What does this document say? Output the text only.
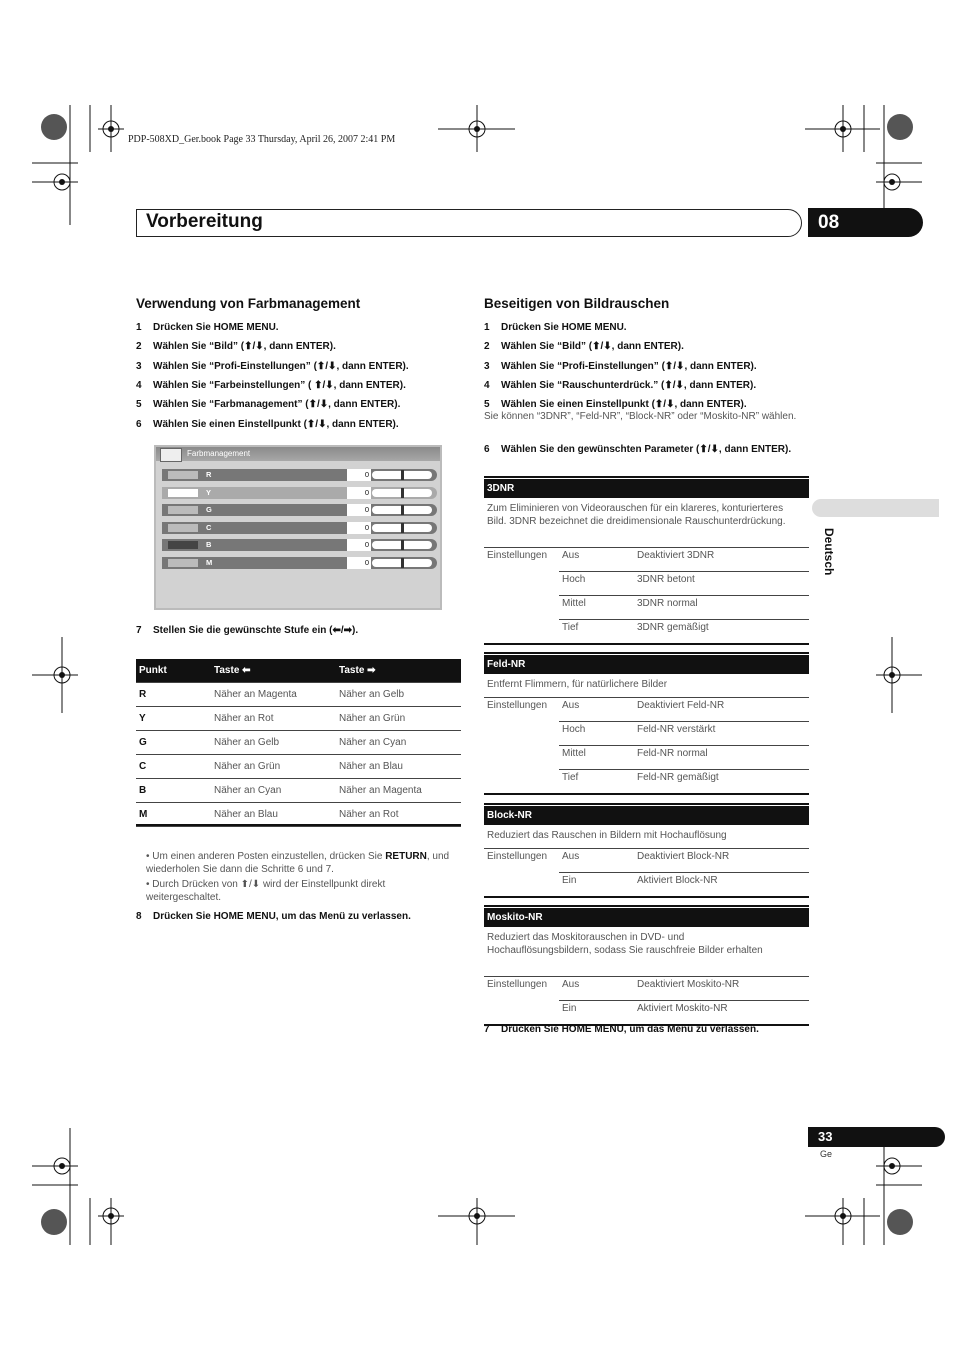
PDP-508XD_Ger.book Page 33 Thursday, April 26, 2007 2:41 PM
Vorbereitung	08
Deutsch
Verwendung von Farbmanagement
1 Drücken Sie HOME MENU.
2 Wählen Sie “Bild” (⬆/⬇, dann ENTER).
3 Wählen Sie “Profi-Einstellungen” (⬆/⬇, dann ENTER).
4 Wählen Sie “Farbeinstellungen” ( ⬆/⬇, dann ENTER).
5 Wählen Sie “Farbmanagement” (⬆/⬇, dann ENTER).
6 Wählen Sie einen Einstellpunkt (⬆/⬇, dann ENTER).
Farbmanagement
R	0
Y	0
G	0
C	0
B	0
M	0
7 Stellen Sie die gewünschte Stufe ein (⬅/➡).
Punkt	Taste ⬅	Taste ➡
R	Näher an Magenta	Näher an Gelb
Y	Näher an Rot	Näher an Grün
G	Näher an Gelb	Näher an Cyan
C	Näher an Grün	Näher an Blau
B	Näher an Cyan	Näher an Magenta
M	Näher an Blau	Näher an Rot
• Um einen anderen Posten einzustellen, drücken Sie RETURN, und wiederholen Sie dann die Schritte 6 und 7.
• Durch Drücken von ⬆/⬇ wird der Einstellpunkt direkt weitergeschaltet.
8 Drücken Sie HOME MENU, um das Menü zu verlassen.
Beseitigen von Bildrauschen
1 Drücken Sie HOME MENU.
2 Wählen Sie “Bild” (⬆/⬇, dann ENTER).
3 Wählen Sie “Profi-Einstellungen” (⬆/⬇, dann ENTER).
4 Wählen Sie “Rauschunterdrück.” (⬆/⬇, dann ENTER).
5 Wählen Sie einen Einstellpunkt (⬆/⬇, dann ENTER).
Sie können “3DNR”, “Feld-NR”, “Block-NR” oder “Moskito-NR” wählen.
6 Wählen Sie den gewünschten Parameter (⬆/⬇, dann ENTER).
3DNR
Zum Eliminieren von Videorauschen für ein klareres, konturierteres Bild. 3DNR bezeichnet die dreidimensionale Rauschunterdrückung.
Einstellungen Aus	Deaktiviert 3DNR
Hoch	3DNR betont
Mittel	3DNR normal
Tief	3DNR gemäßigt
Feld-NR
Entfernt Flimmern, für natürlichere Bilder
Einstellungen Aus	Deaktiviert Feld-NR
Hoch	Feld-NR verstärkt
Mittel	Feld-NR normal
Tief	Feld-NR gemäßigt
Block-NR
Reduziert das Rauschen in Bildern mit Hochauflösung
Einstellungen Aus	Deaktiviert Block-NR
Ein	Aktiviert Block-NR
Moskito-NR
Reduziert das Moskitorauschen in DVD- und Hochauflösungsbildern, sodass Sie rauschfreie Bilder erhalten
Einstellungen Aus	Deaktiviert Moskito-NR
Ein	Aktiviert Moskito-NR
7 Drücken Sie HOME MENU, um das Menü zu verlassen.
33
Ge
